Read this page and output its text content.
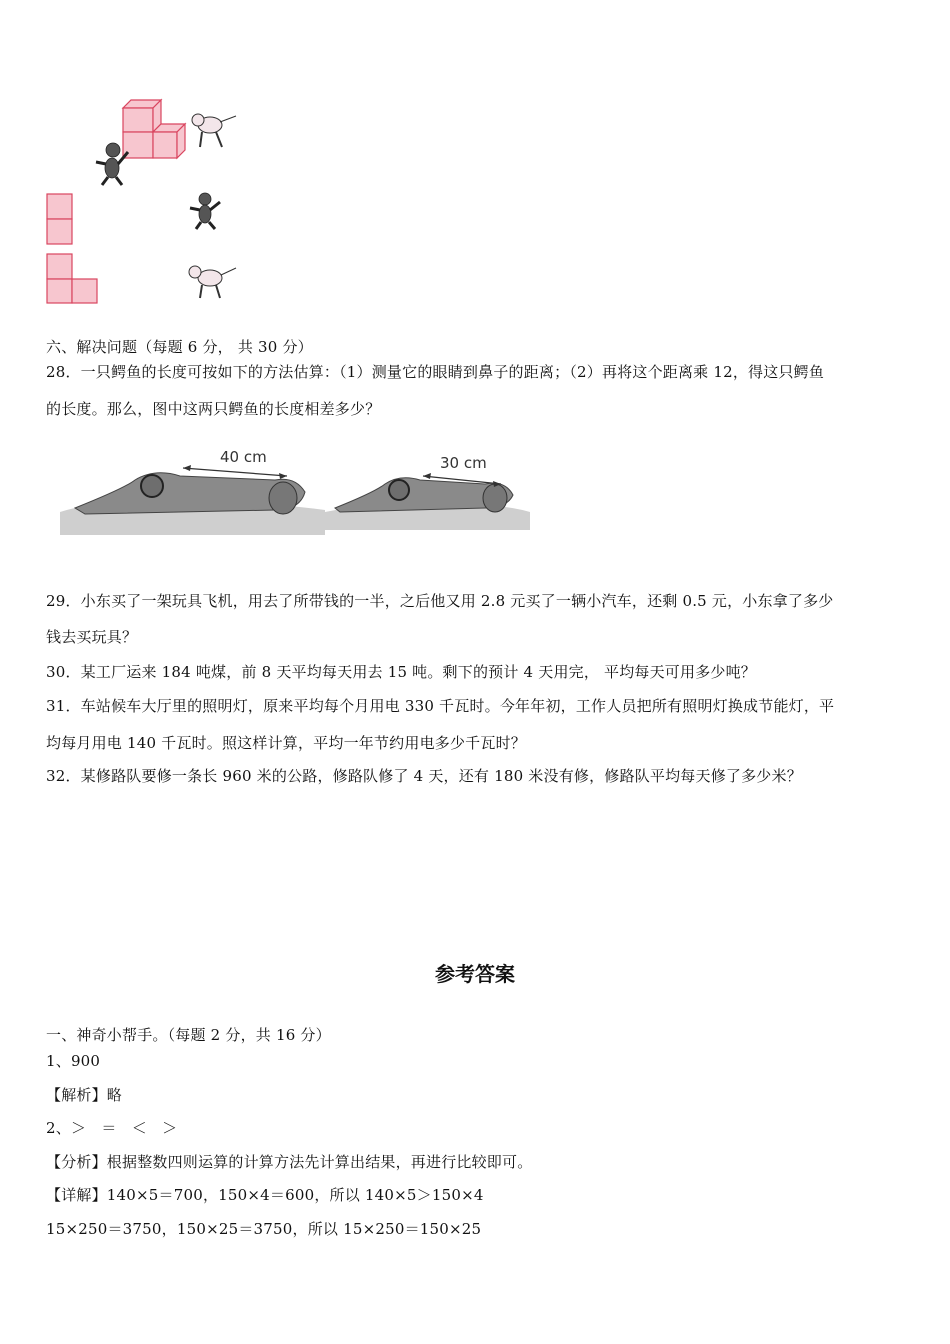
六、解决问题（每题 6 分， 共 30 分）
28．一只鳄鱼的长度可按如下的方法估算：（1）测量它的眼睛到鼻子的距离；（2）再将这个距离乘 12，得这只鳄鱼
的长度。那么，图中这两只鳄鱼的长度相差多少？
40 cm	30 cm
29．小东买了一架玩具飞机，用去了所带钱的一半，之后他又用 2.8 元买了一辆小汽车，还剩 0.5 元，小东拿了多少
钱去买玩具？
30．某工厂运来 184 吨煤，前 8 天平均每天用去 15 吨。剩下的预计 4 天用完， 平均每天可用多少吨？
31．车站候车大厅里的照明灯，原来平均每个月用电 330 千瓦时。今年年初，工作人员把所有照明灯换成节能灯，平
均每月用电 140 千瓦时。照这样计算，平均一年节约用电多少千瓦时？
32．某修路队要修一条长 960 米的公路，修路队修了 4 天，还有 180 米没有修，修路队平均每天修了多少米？
参考答案
一、神奇小帮手。（每题 2 分，共 16 分）
1、900
【解析】略
2、＞　＝　＜　＞
【分析】根据整数四则运算的计算方法先计算出结果，再进行比较即可。
【详解】140×5＝700，150×4＝600，所以 140×5＞150×4
15×250＝3750，150×25＝3750，所以 15×250＝150×25
